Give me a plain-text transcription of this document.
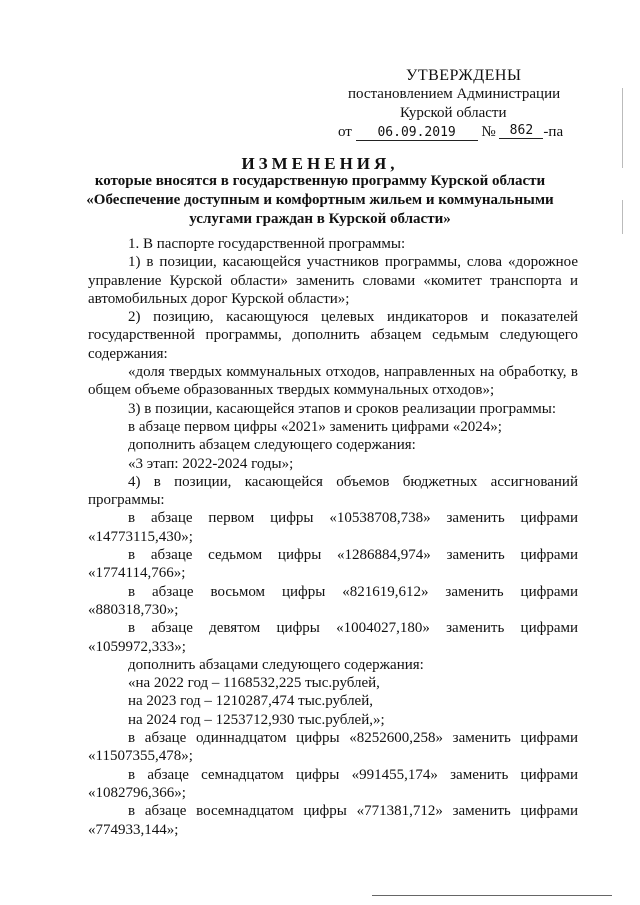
УТВЕРЖДЕНЫ
постановлением Администрации
Курской области
от 06.09.2019 № 862 -па
ИЗМЕНЕНИЯ,
которые вносятся в государственную программу Курской области
«Обеспечение доступным и комфортным жильем и коммунальными
услугами граждан в Курской области»

1. В паспорте государственной программы:

1) в позиции, касающейся участников программы, слова «дорожное управление Курской области» заменить словами «комитет транспорта и автомобильных дорог Курской области»;

2) позицию, касающуюся целевых индикаторов и показателей государственной программы, дополнить абзацем седьмым следующего содержания:

«доля твердых коммунальных отходов, направленных на обработку, в общем объеме образованных твердых коммунальных отходов»;

3) в позиции, касающейся этапов и сроков реализации программы:

в абзаце первом цифры «2021» заменить цифрами «2024»;

дополнить абзацем следующего содержания:

«3 этап: 2022-2024 годы»;

4) в позиции, касающейся объемов бюджетных ассигнований программы:

в абзаце первом цифры «10538708,738» заменить цифрами «14773115,430»;

в абзаце седьмом цифры «1286884,974» заменить цифрами «1774114,766»;

в абзаце восьмом цифры «821619,612» заменить цифрами «880318,730»;

в абзаце девятом цифры «1004027,180» заменить цифрами «1059972,333»;

дополнить абзацами следующего содержания:

«на 2022 год – 1168532,225 тыс.рублей,

на 2023 год – 1210287,474 тыс.рублей,

на 2024 год – 1253712,930 тыс.рублей,»;

в абзаце одиннадцатом цифры «8252600,258» заменить цифрами «11507355,478»;

в абзаце семнадцатом цифры «991455,174» заменить цифрами «1082796,366»;

в абзаце восемнадцатом цифры «771381,712» заменить цифрами «774933,144»;
